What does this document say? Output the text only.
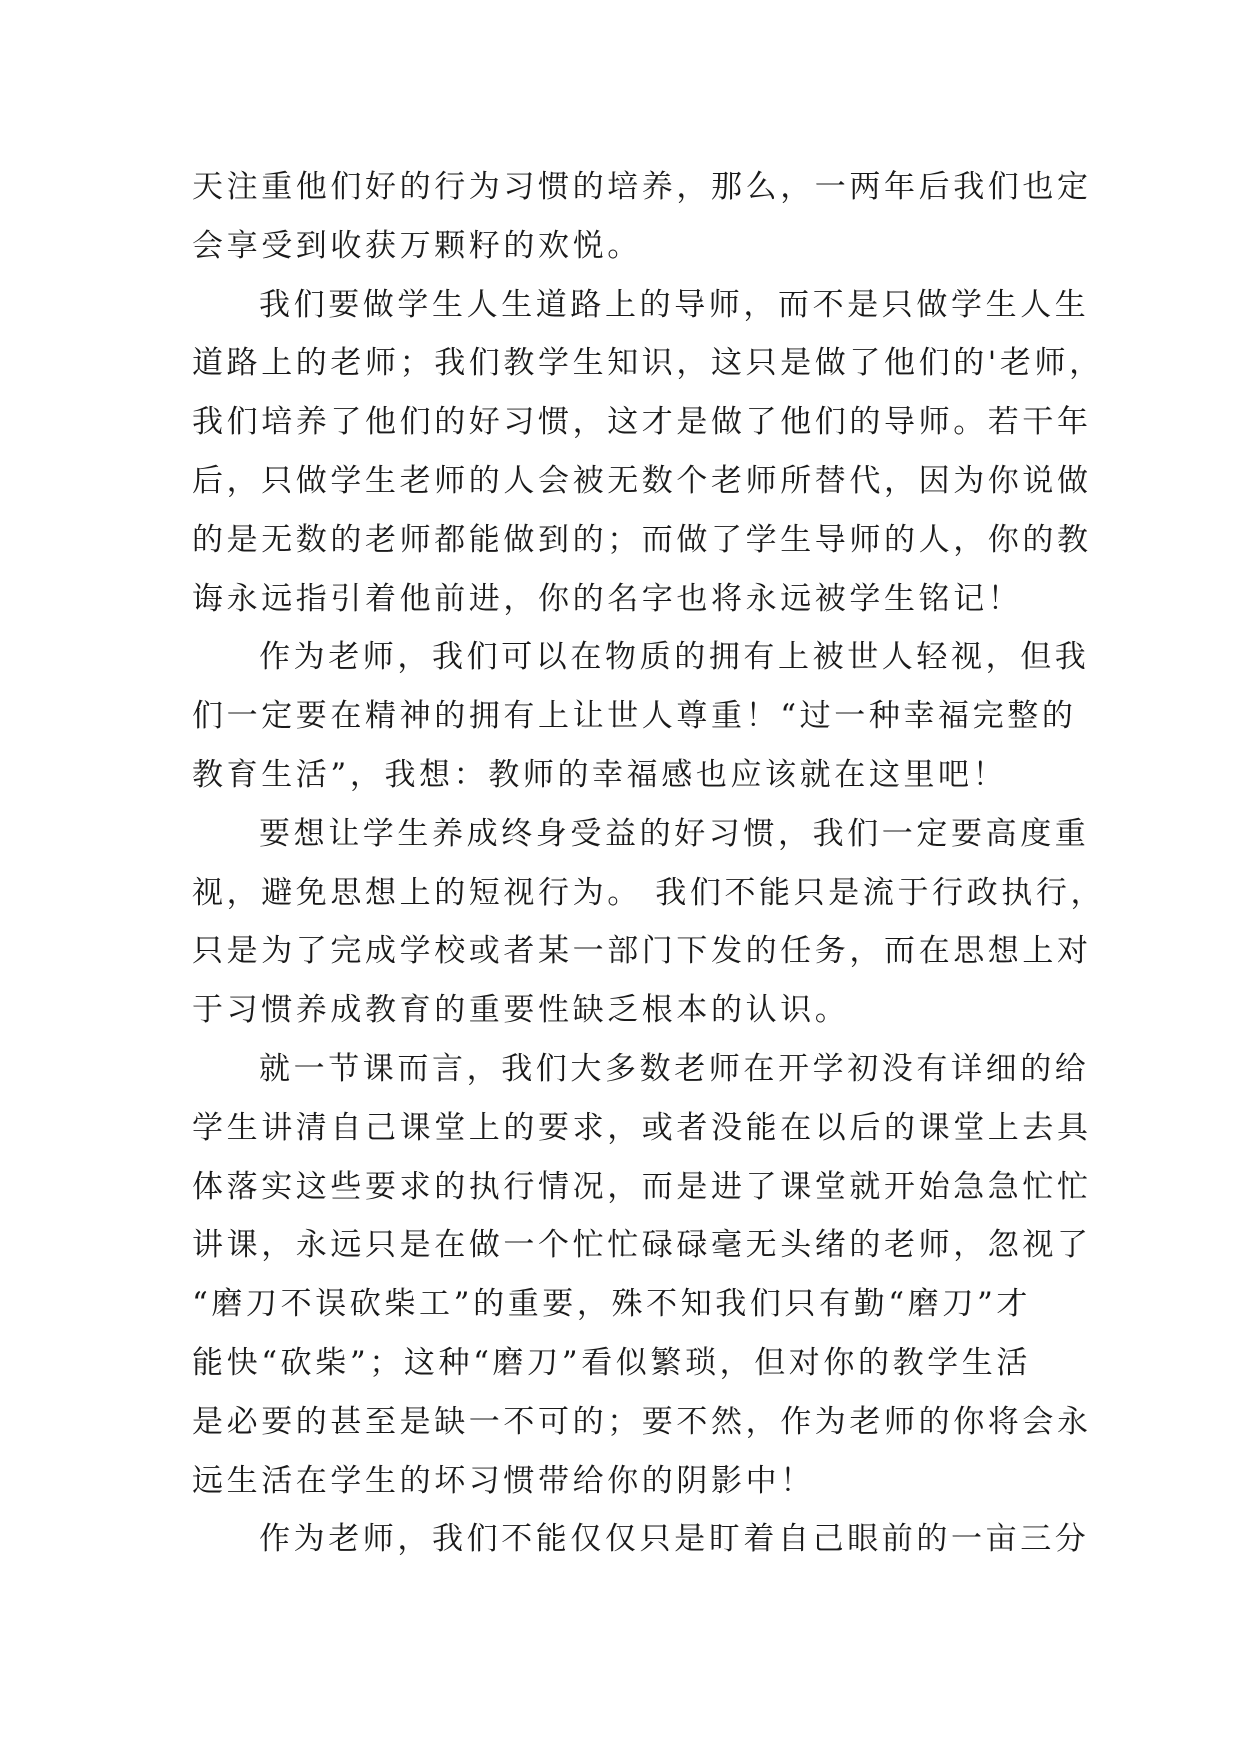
天注重他们好的行为习惯的培养，那么，一两年后我们也定
会享受到收获万颗籽的欢悦。
我们要做学生人生道路上的导师，而不是只做学生人生
道路上的老师；我们教学生知识，这只是做了他们的'老师，
我们培养了他们的好习惯，这才是做了他们的导师。若干年
后，只做学生老师的人会被无数个老师所替代，因为你说做
的是无数的老师都能做到的；而做了学生导师的人，你的教
诲永远指引着他前进，你的名字也将永远被学生铭记！
作为老师，我们可以在物质的拥有上被世人轻视，但我
们一定要在精神的拥有上让世人尊重！“过一种幸福完整的
教育生活”，我想：教师的幸福感也应该就在这里吧！
要想让学生养成终身受益的好习惯，我们一定要高度重
视，避免思想上的短视行为。 我们不能只是流于行政执行，
只是为了完成学校或者某一部门下发的任务，而在思想上对
于习惯养成教育的重要性缺乏根本的认识。
就一节课而言，我们大多数老师在开学初没有详细的给
学生讲清自己课堂上的要求，或者没能在以后的课堂上去具
体落实这些要求的执行情况，而是进了课堂就开始急急忙忙
讲课，永远只是在做一个忙忙碌碌毫无头绪的老师，忽视了
“磨刀不误砍柴工”的重要，殊不知我们只有勤“磨刀”才
能快“砍柴”；这种“磨刀”看似繁琐，但对你的教学生活
是必要的甚至是缺一不可的；要不然，作为老师的你将会永
远生活在学生的坏习惯带给你的阴影中！
作为老师，我们不能仅仅只是盯着自己眼前的一亩三分
